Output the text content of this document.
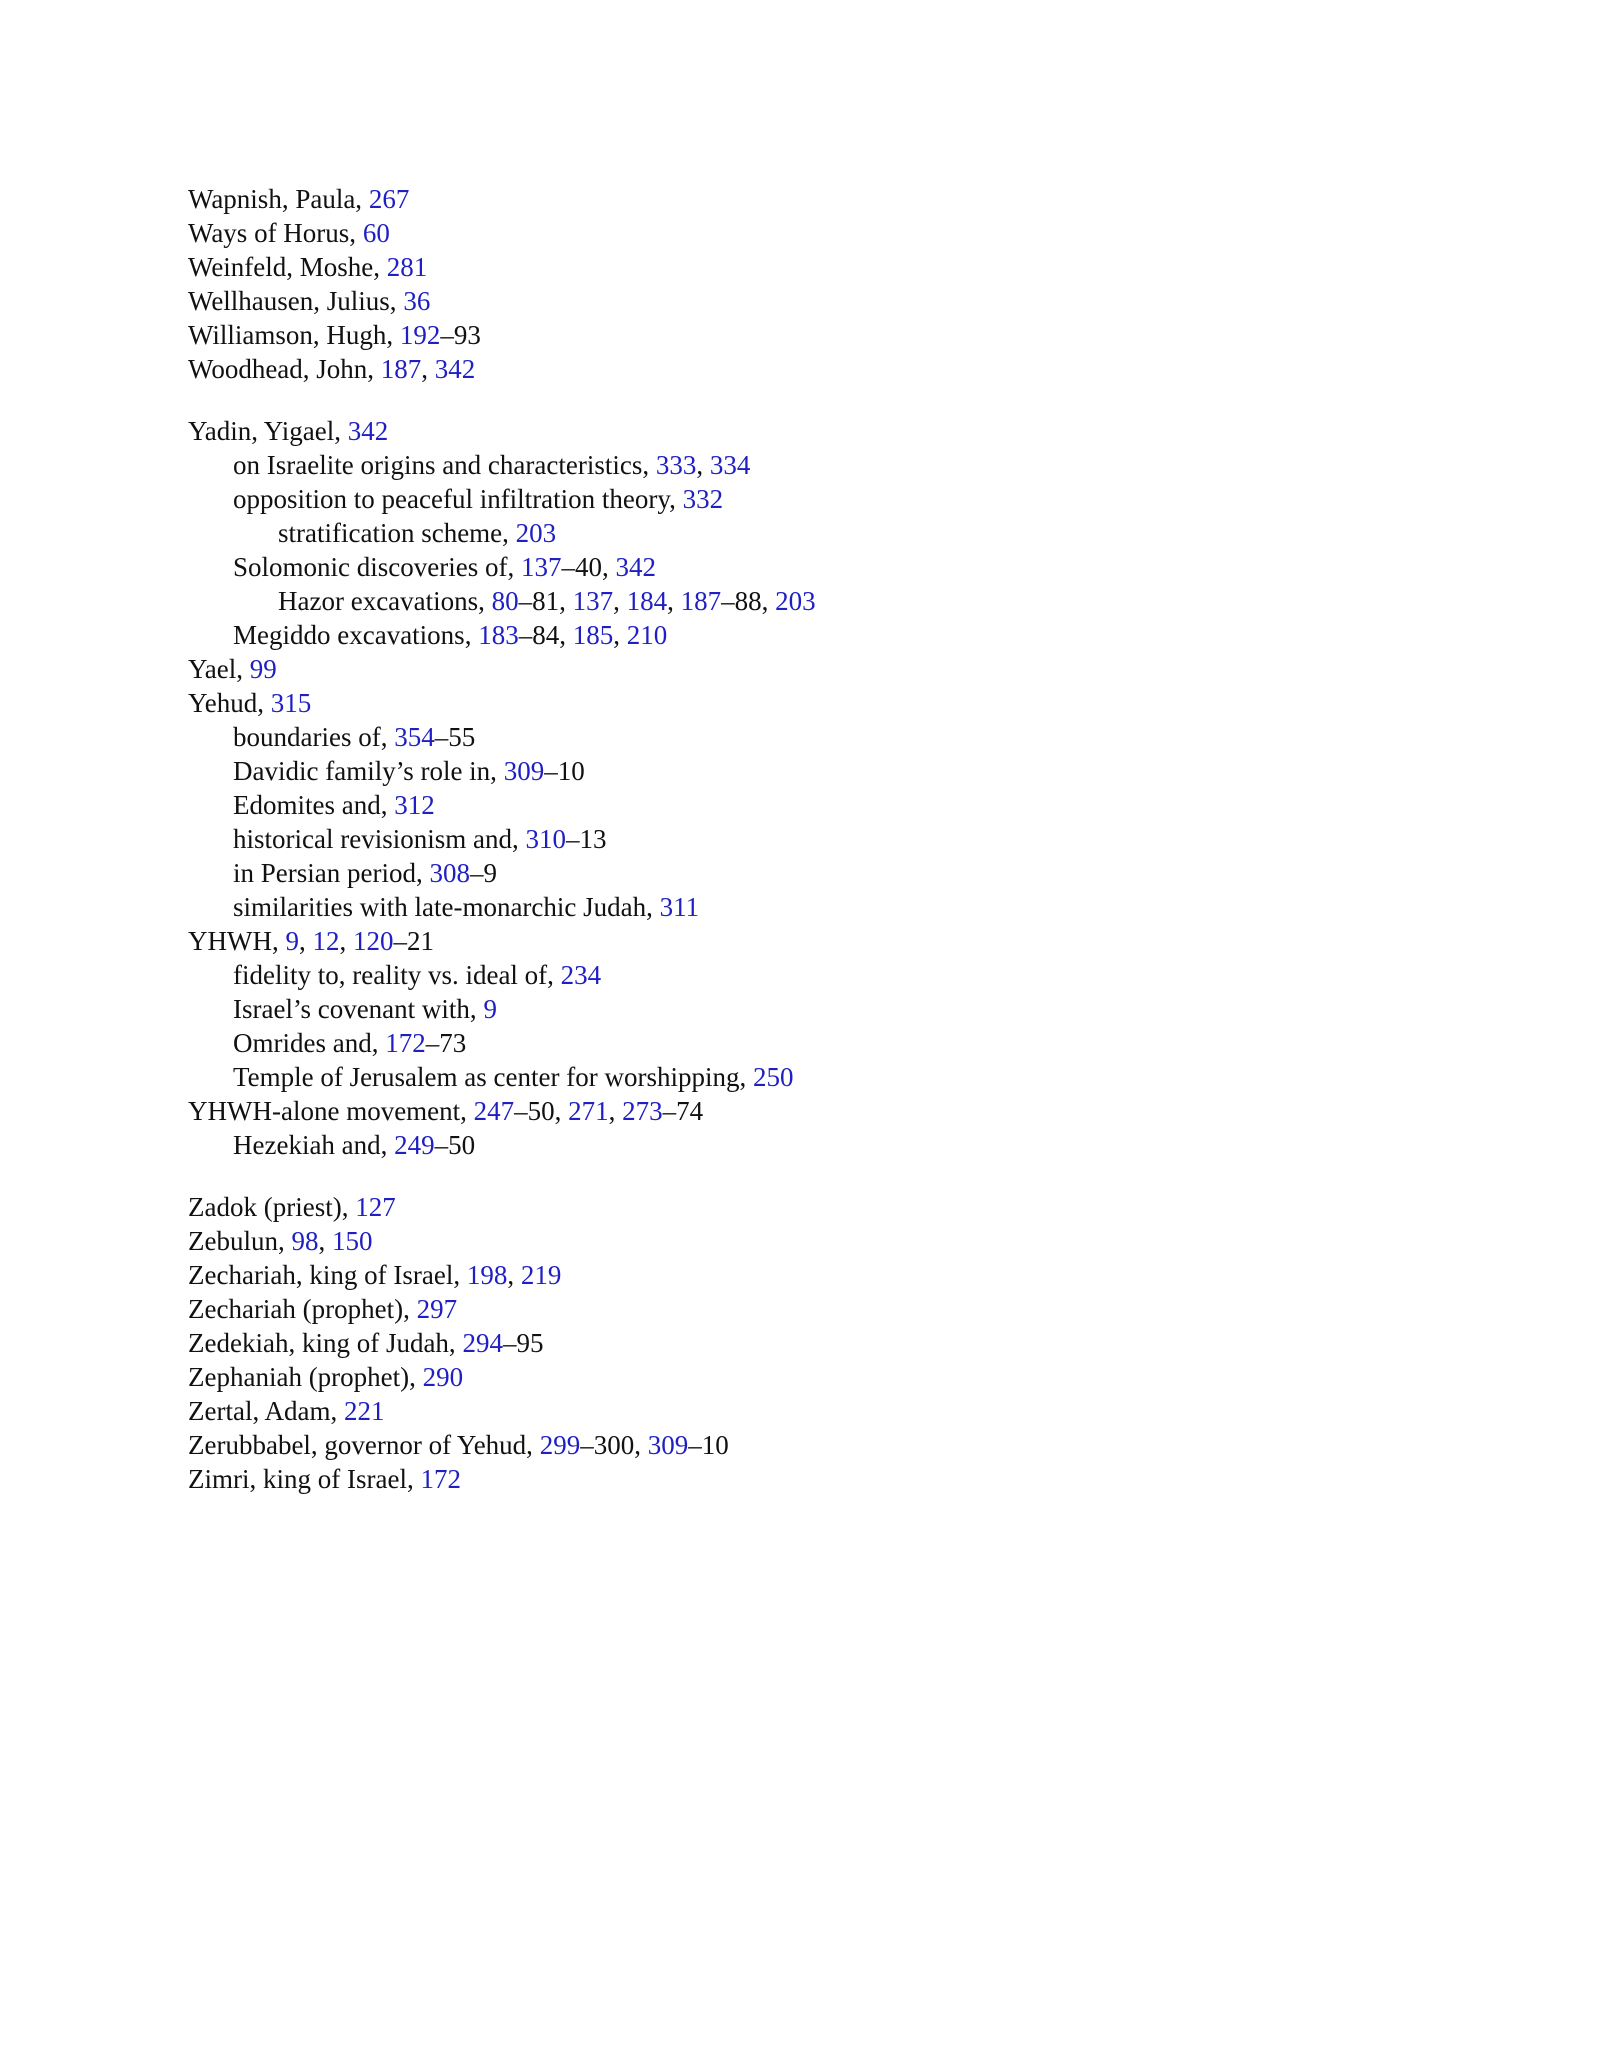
Wapnish, Paula, 267
Ways of Horus, 60
Weinfeld, Moshe, 281
Wellhausen, Julius, 36
Williamson, Hugh, 192–93
Woodhead, John, 187, 342
Yadin, Yigael, 342
on Israelite origins and characteristics, 333, 334
opposition to peaceful infiltration theory, 332
stratification scheme, 203
Solomonic discoveries of, 137–40, 342
Hazor excavations, 80–81, 137, 184, 187–88, 203
Megiddo excavations, 183–84, 185, 210
Yael, 99
Yehud, 315
boundaries of, 354–55
Davidic family’s role in, 309–10
Edomites and, 312
historical revisionism and, 310–13
in Persian period, 308–9
similarities with late-monarchic Judah, 311
YHWH, 9, 12, 120–21
fidelity to, reality vs. ideal of, 234
Israel’s covenant with, 9
Omrides and, 172–73
Temple of Jerusalem as center for worshipping, 250
YHWH-alone movement, 247–50, 271, 273–74
Hezekiah and, 249–50
Zadok (priest), 127
Zebulun, 98, 150
Zechariah, king of Israel, 198, 219
Zechariah (prophet), 297
Zedekiah, king of Judah, 294–95
Zephaniah (prophet), 290
Zertal, Adam, 221
Zerubbabel, governor of Yehud, 299–300, 309–10
Zimri, king of Israel, 172
